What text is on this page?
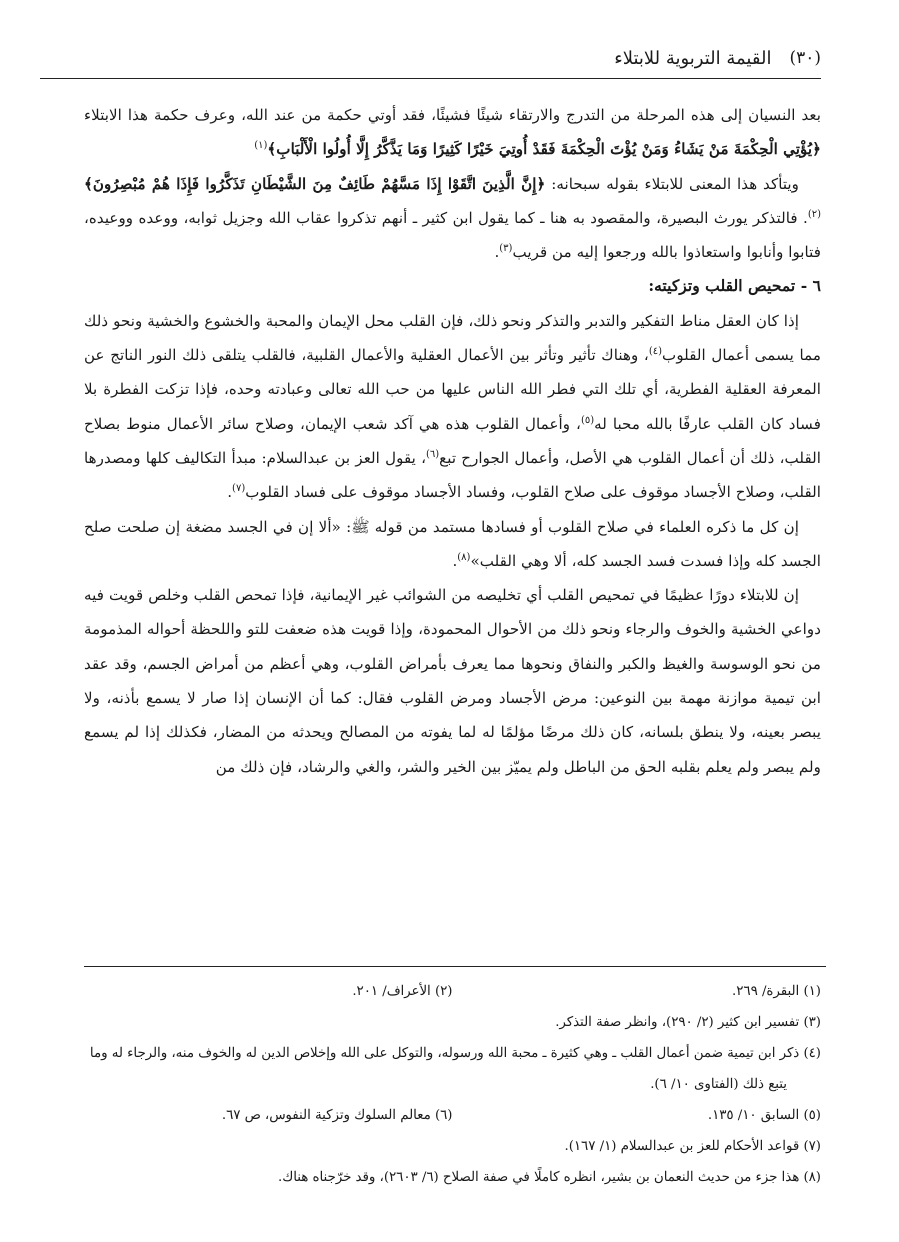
(٣٠)
القيمة التربوية للابتلاء

بعد النسيان إلى هذه المرحلة من التدرج والارتقاء شيئًا فشيئًا، فقد أوتي حكمة من عند الله، وعرف حكمة هذا الابتلاء ﴿يُؤْتِي الْحِكْمَةَ مَنْ يَشَاءُ وَمَنْ يُؤْتَ الْحِكْمَةَ فَقَدْ أُوتِيَ خَيْرًا كَثِيرًا وَمَا يَذَّكَّرُ إِلَّا أُولُوا الْأَلْبَابِ﴾$^{(١)}$

ويتأكد هذا المعنى للابتلاء بقوله سبحانه: ﴿إِنَّ الَّذِينَ اتَّقَوْا إِذَا مَسَّهُمْ طَائِفٌ مِنَ الشَّيْطَانِ تَذَكَّرُوا فَإِذَا هُمْ مُبْصِرُونَ﴾$^{(٢)}$. فالتذكر يورث البصيرة، والمقصود به هنا ـ كما يقول ابن كثير ـ أنهم تذكروا عقاب الله وجزيل ثوابه، ووعده ووعيده، فتابوا وأنابوا واستعاذوا بالله ورجعوا إليه من قريب$^{(٣)}$.

٦ - تمحيص القلب وتزكيته:

إذا كان العقل مناط التفكير والتدبر والتذكر ونحو ذلك، فإن القلب محل الإيمان والمحبة والخشوع والخشية ونحو ذلك مما يسمى أعمال القلوب$^{(٤)}$، وهناك تأثير وتأثر بين الأعمال العقلية والأعمال القلبية، فالقلب يتلقى ذلك النور الناتج عن المعرفة العقلية الفطرية، أي تلك التي فطر الله الناس عليها من حب الله تعالى وعبادته وحده، فإذا تزكت الفطرة بلا فساد كان القلب عارفًا بالله محبا له$^{(٥)}$، وأعمال القلوب هذه هي آكد شعب الإيمان، وصلاح سائر الأعمال منوط بصلاح القلب، ذلك أن أعمال القلوب هي الأصل، وأعمال الجوارح تبع$^{(٦)}$، يقول العز بن عبدالسلام: مبدأ التكاليف كلها ومصدرها القلب، وصلاح الأجساد موقوف على صلاح القلوب، وفساد الأجساد موقوف على فساد القلوب$^{(٧)}$.

إن كل ما ذكره العلماء في صلاح القلوب أو فسادها مستمد من قوله ﷺ: «ألا إن في الجسد مضغة إن صلحت صلح الجسد كله وإذا فسدت فسد الجسد كله، ألا وهي القلب»$^{(٨)}$.

إن للابتلاء دورًا عظيمًا في تمحيص القلب أي تخليصه من الشوائب غير الإيمانية، فإذا تمحص القلب وخلص قويت فيه دواعي الخشية والخوف والرجاء ونحو ذلك من الأحوال المحمودة، وإذا قويت هذه ضعفت للتو واللحظة أحواله المذمومة من نحو الوسوسة والغيظ والكبر والنفاق ونحوها مما يعرف بأمراض القلوب، وهي أعظم من أمراض الجسم، وقد عقد ابن تيمية موازنة مهمة بين النوعين: مرض الأجساد ومرض القلوب فقال: كما أن الإنسان إذا صار لا يسمع بأذنه، ولا يبصر بعينه، ولا ينطق بلسانه، كان ذلك مرضًا مؤلمًا له لما يفوته من المصالح ويحدثه من المضار، فكذلك إذا لم يسمع ولم يبصر ولم يعلم بقلبه الحق من الباطل ولم يميّز بين الخير والشر، والغي والرشاد، فإن ذلك من

(١) البقرة/ ٢٦٩.
(٢) الأعراف/ ٢٠١.
(٣) تفسير ابن كثير (٢/ ٢٩٠)، وانظر صفة التذكر.
(٤) ذكر ابن تيمية ضمن أعمال القلب ـ وهي كثيرة ـ محبة الله ورسوله، والتوكل على الله وإخلاص الدين له والخوف منه، والرجاء له وما
يتبع ذلك (الفتاوى ١٠/ ٦).
(٥) السابق ١٠/ ١٣٥.
(٦) معالم السلوك وتزكية النفوس، ص ٦٧.
(٧) قواعد الأحكام للعز بن عبدالسلام (١/ ١٦٧).
(٨) هذا جزء من حديث النعمان بن بشير، انظره كاملًا في صفة الصلاح (٦/ ٢٦٠٣)، وقد خرّجناه هناك.
